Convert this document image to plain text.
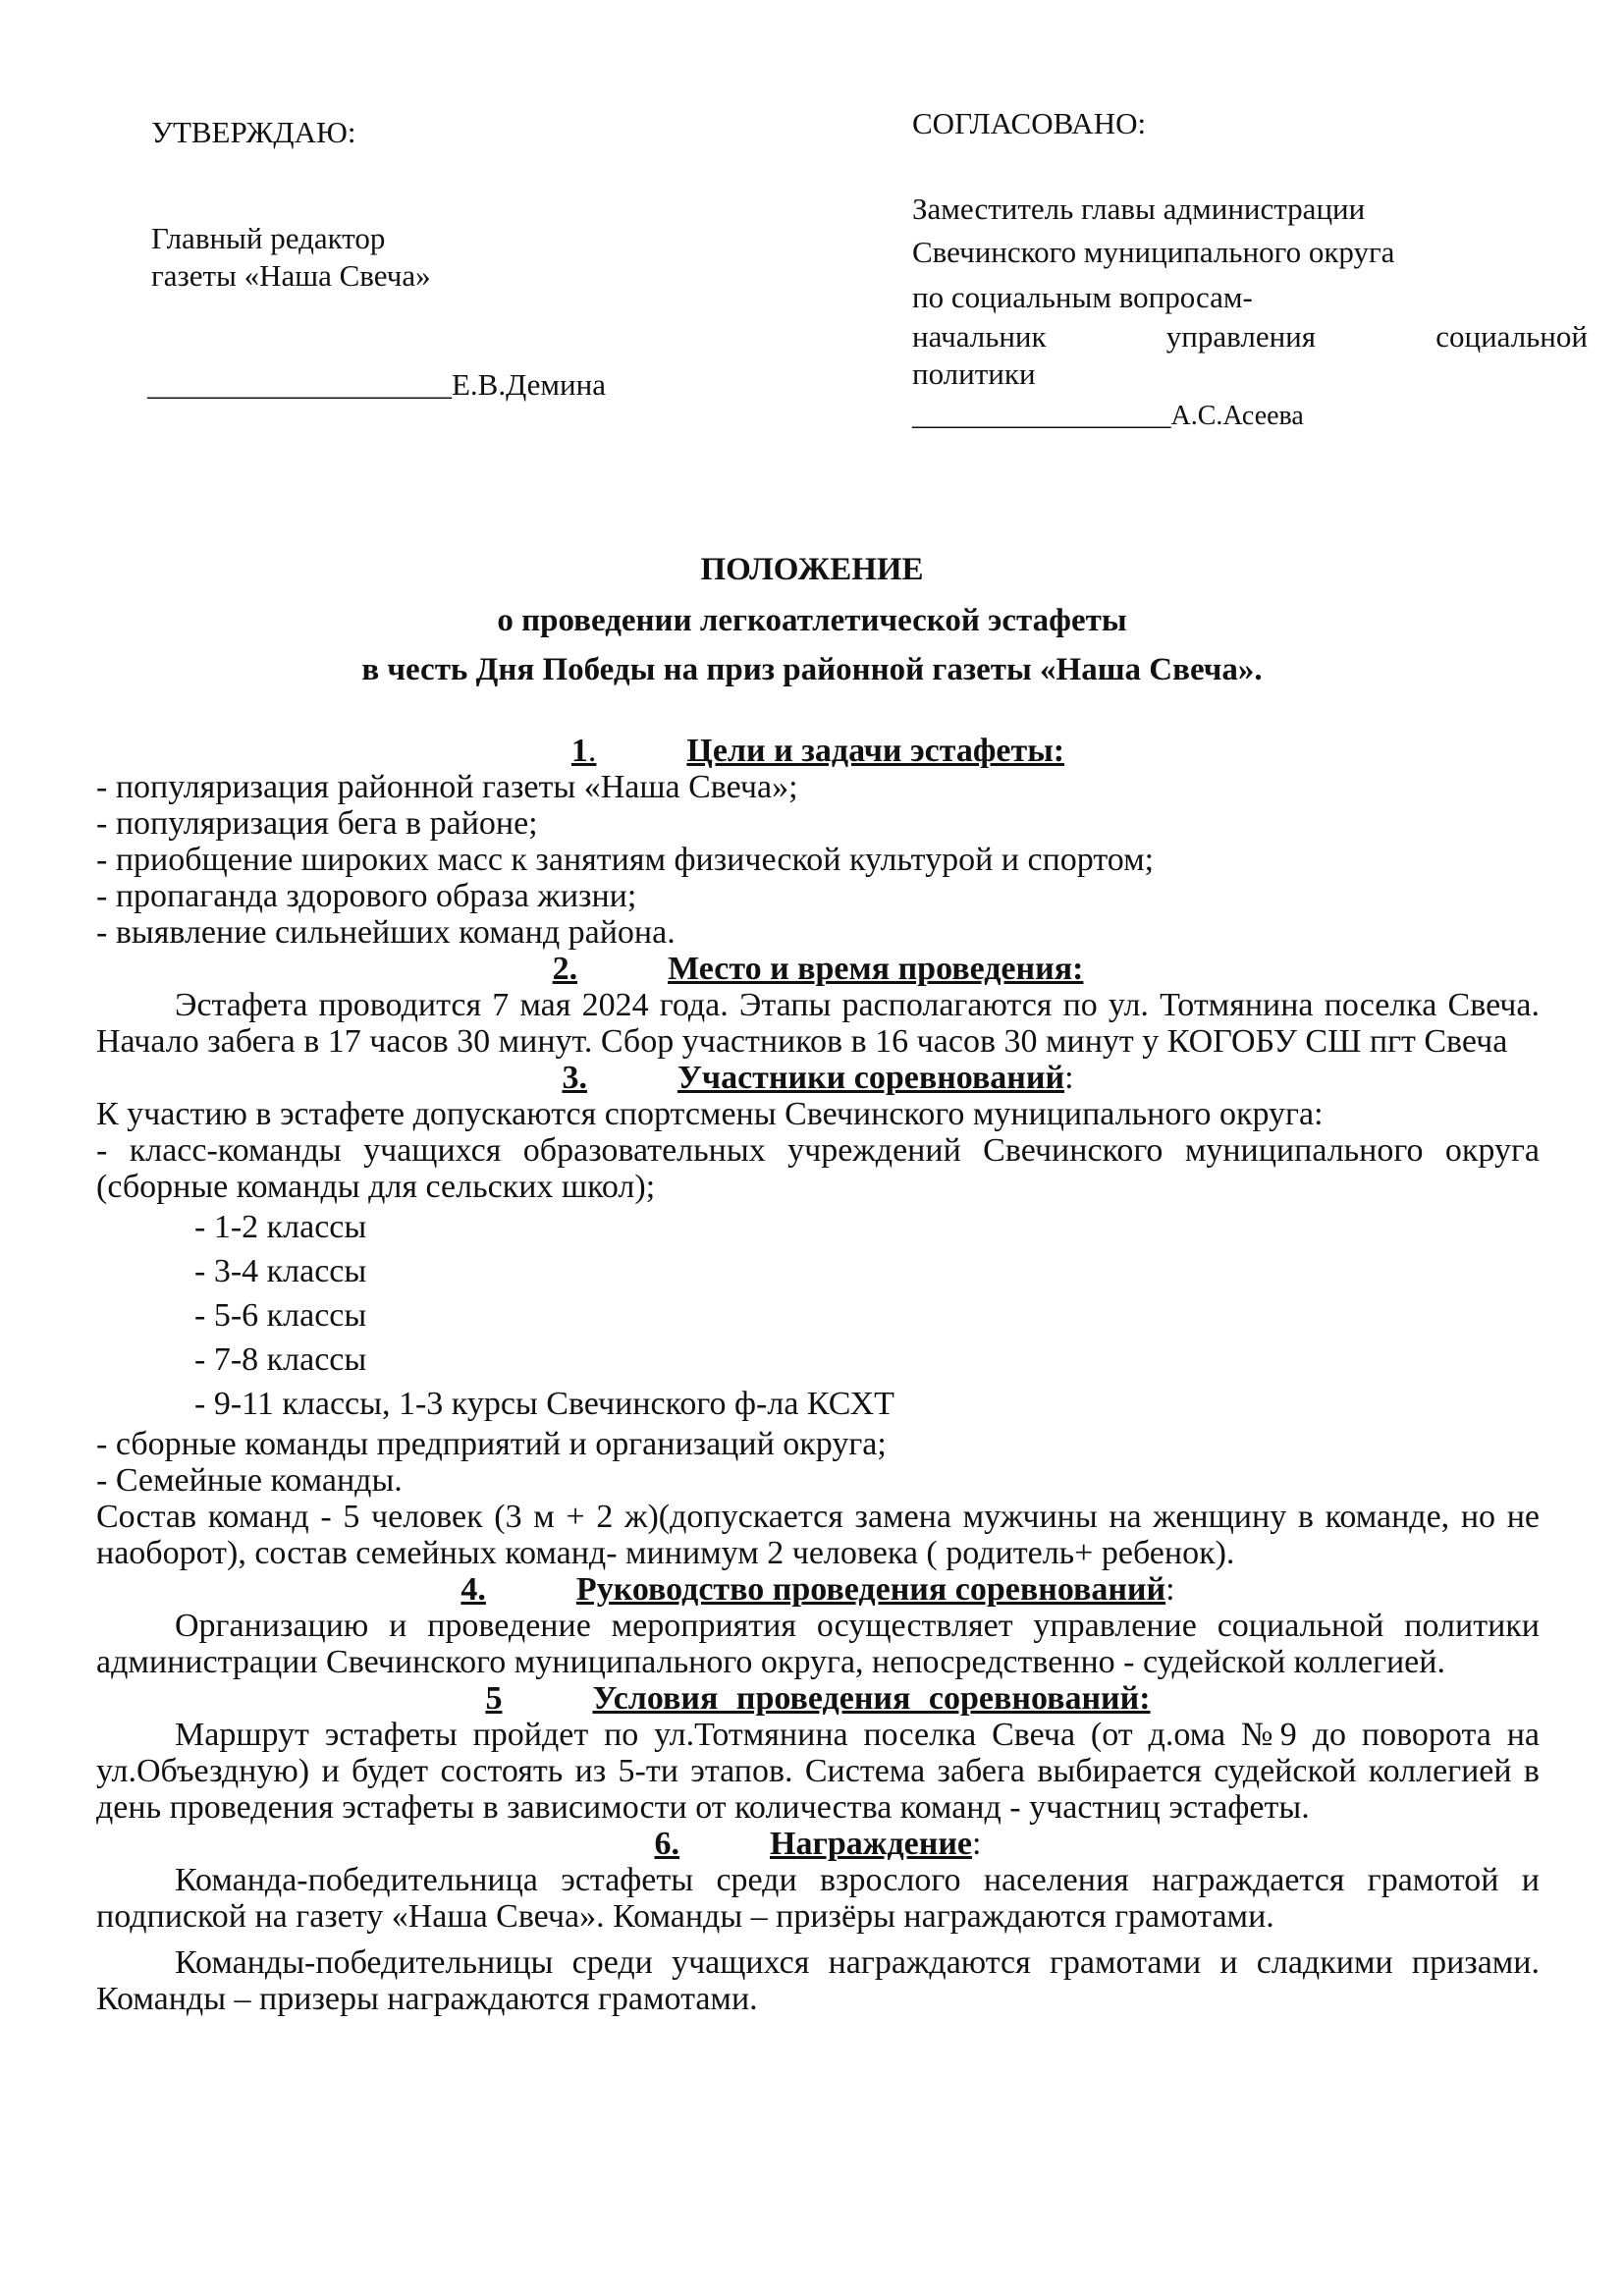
УТВЕРЖДАЮ:
Главный редактор
газеты «Наша Свеча»
____________________Е.В.Демина
СОГЛАСОВАНО:
Заместитель главы администрации
Свечинского муниципального округа
по социальным вопросам-
начальник	управления	социальной
политики
_________________А.С.Асеева
ПОЛОЖЕНИЕ
о проведении легкоатлетической эстафеты
в честь Дня Победы на приз районной газеты «Наша Свеча».
1.	Цели и задачи эстафеты:
- популяризация районной газеты «Наша Свеча»;
- популяризация бега в районе;
- приобщение широких масс к занятиям физической культурой и спортом;
- пропаганда здорового образа жизни;
- выявление сильнейших команд района.
2.	Место и время проведения:
Эстафета проводится 7 мая 2024 года. Этапы располагаются по ул. Тотмянина поселка Свеча. Начало забега в 17 часов 30 минут. Сбор участников в 16 часов 30 минут у КОГОБУ СШ пгт Свеча
3.	Участники соревнований:
К участию в эстафете допускаются спортсмены Свечинского муниципального округа:
- класс-команды учащихся образовательных учреждений Свечинского муниципального округа (сборные команды для сельских школ);
- 1-2 классы
- 3-4 классы
- 5-6 классы
- 7-8 классы
- 9-11 классы, 1-3 курсы Свечинского ф-ла КСХТ
- сборные команды предприятий и организаций округа;
- Семейные команды.
Состав команд - 5 человек (3 м + 2 ж)(допускается замена мужчины на женщину в команде, но не наоборот), состав семейных команд- минимум 2 человека ( родитель+ ребенок).
4.	Руководство проведения соревнований:
Организацию и проведение мероприятия осуществляет управление социальной политики администрации Свечинского муниципального округа, непосредственно - судейской коллегией.
5	Условия проведения соревнований:
Маршрут эстафеты пройдет по ул.Тотмянина поселка Свеча (от д.ома №9 до поворота на ул.Объездную) и будет состоять из 5-ти этапов. Система забега выбирается судейской коллегией в день проведения эстафеты в зависимости от количества команд - участниц эстафеты.
6.	Награждение:
Команда-победительница эстафеты среди взрослого населения награждается грамотой и подпиской на газету «Наша Свеча». Команды – призёры награждаются грамотами.
Команды-победительницы среди учащихся награждаются грамотами и сладкими призами. Команды – призеры награждаются грамотами.
